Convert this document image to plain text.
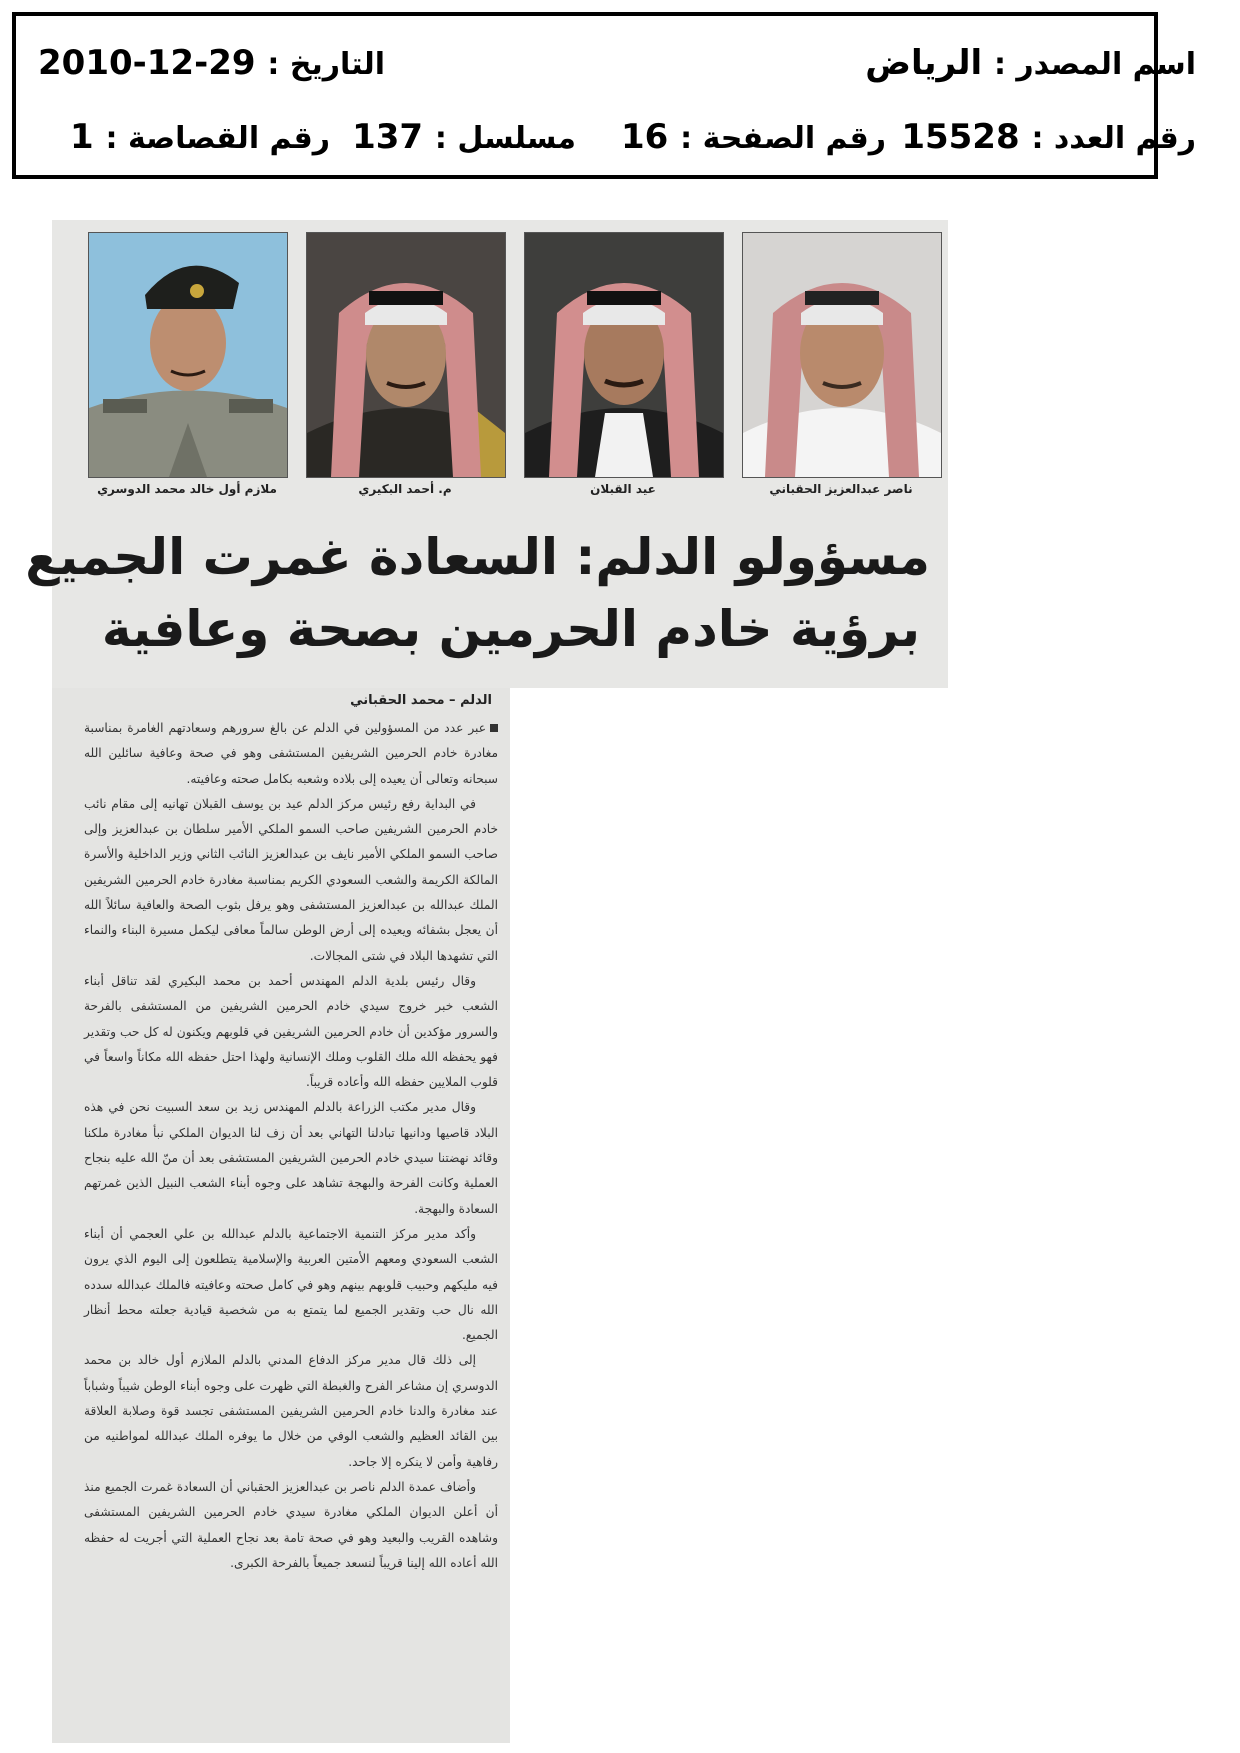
اسم المصدر : الرياض
التاريخ : 29-12-2010
رقم العدد : 15528
رقم الصفحة : 16
مسلسل : 137
رقم القصاصة : 1
ناصر عبدالعزيز الحقباني
عيد القبلان
م. أحمد البكيري
ملازم أول خالد محمد الدوسري
مسؤولو الدلم: السعادة غمرت الجميع
برؤية خادم الحرمين بصحة وعافية
الدلم – محمد الحقباني

عبر عدد من المسؤولين في الدلم عن بالغ سرورهم وسعادتهم الغامرة بمناسبة مغادرة خادم الحرمين الشريفين المستشفى وهو في صحة وعافية سائلين الله سبحانه وتعالى أن يعيده إلى بلاده وشعبه بكامل صحته وعافيته.

في البداية رفع رئيس مركز الدلم عيد بن يوسف القبلان تهانيه إلى مقام نائب خادم الحرمين الشريفين صاحب السمو الملكي الأمير سلطان بن عبدالعزيز وإلى صاحب السمو الملكي الأمير نايف بن عبدالعزيز النائب الثاني وزير الداخلية والأسرة المالكة الكريمة والشعب السعودي الكريم بمناسبة مغادرة خادم الحرمين الشريفين الملك عبدالله بن عبدالعزيز المستشفى وهو يرفل بثوب الصحة والعافية سائلاً الله أن يعجل بشفائه ويعيده إلى أرض الوطن سالماً معافى ليكمل مسيرة البناء والنماء التي تشهدها البلاد في شتى المجالات.

وقال رئيس بلدية الدلم المهندس أحمد بن محمد البكيري لقد تناقل أبناء الشعب خبر خروج سيدي خادم الحرمين الشريفين من المستشفى بالفرحة والسرور مؤكدين أن خادم الحرمين الشريفين في قلوبهم ويكنون له كل حب وتقدير فهو يحفظه الله ملك القلوب وملك الإنسانية ولهذا احتل حفظه الله مكاناً واسعاً في قلوب الملايين حفظه الله وأعاده قريباً.

وقال مدير مكتب الزراعة بالدلم المهندس زيد بن سعد السبيت نحن في هذه البلاد قاصيها ودانيها تبادلنا التهاني بعد أن زف لنا الديوان الملكي نبأ مغادرة ملكنا وقائد نهضتنا سيدي خادم الحرمين الشريفين المستشفى بعد أن منّ الله عليه بنجاح العملية وكانت الفرحة والبهجة تشاهد على وجوه أبناء الشعب النبيل الذين غمرتهم السعادة والبهجة.

وأكد مدير مركز التنمية الاجتماعية بالدلم عبدالله بن علي العجمي أن أبناء الشعب السعودي ومعهم الأمتين العربية والإسلامية يتطلعون إلى اليوم الذي يرون فيه مليكهم وحبيب قلوبهم بينهم وهو في كامل صحته وعافيته فالملك عبدالله سدده الله نال حب وتقدير الجميع لما يتمتع به من شخصية قيادية جعلته محط أنظار الجميع.

إلى ذلك قال مدير مركز الدفاع المدني بالدلم الملازم أول خالد بن محمد الدوسري إن مشاعر الفرح والغبطة التي ظهرت على وجوه أبناء الوطن شيباً وشباباً عند مغادرة والدنا خادم الحرمين الشريفين المستشفى تجسد قوة وصلابة العلاقة بين القائد العظيم والشعب الوفي من خلال ما يوفره الملك عبدالله لمواطنيه من رفاهية وأمن لا ينكره إلا جاحد.

وأضاف عمدة الدلم ناصر بن عبدالعزيز الحقباني أن السعادة غمرت الجميع منذ أن أعلن الديوان الملكي مغادرة سيدي خادم الحرمين الشريفين المستشفى وشاهده القريب والبعيد وهو في صحة تامة بعد نجاح العملية التي أجريت له حفظه الله أعاده الله إلينا قريباً لنسعد جميعاً بالفرحة الكبرى.
